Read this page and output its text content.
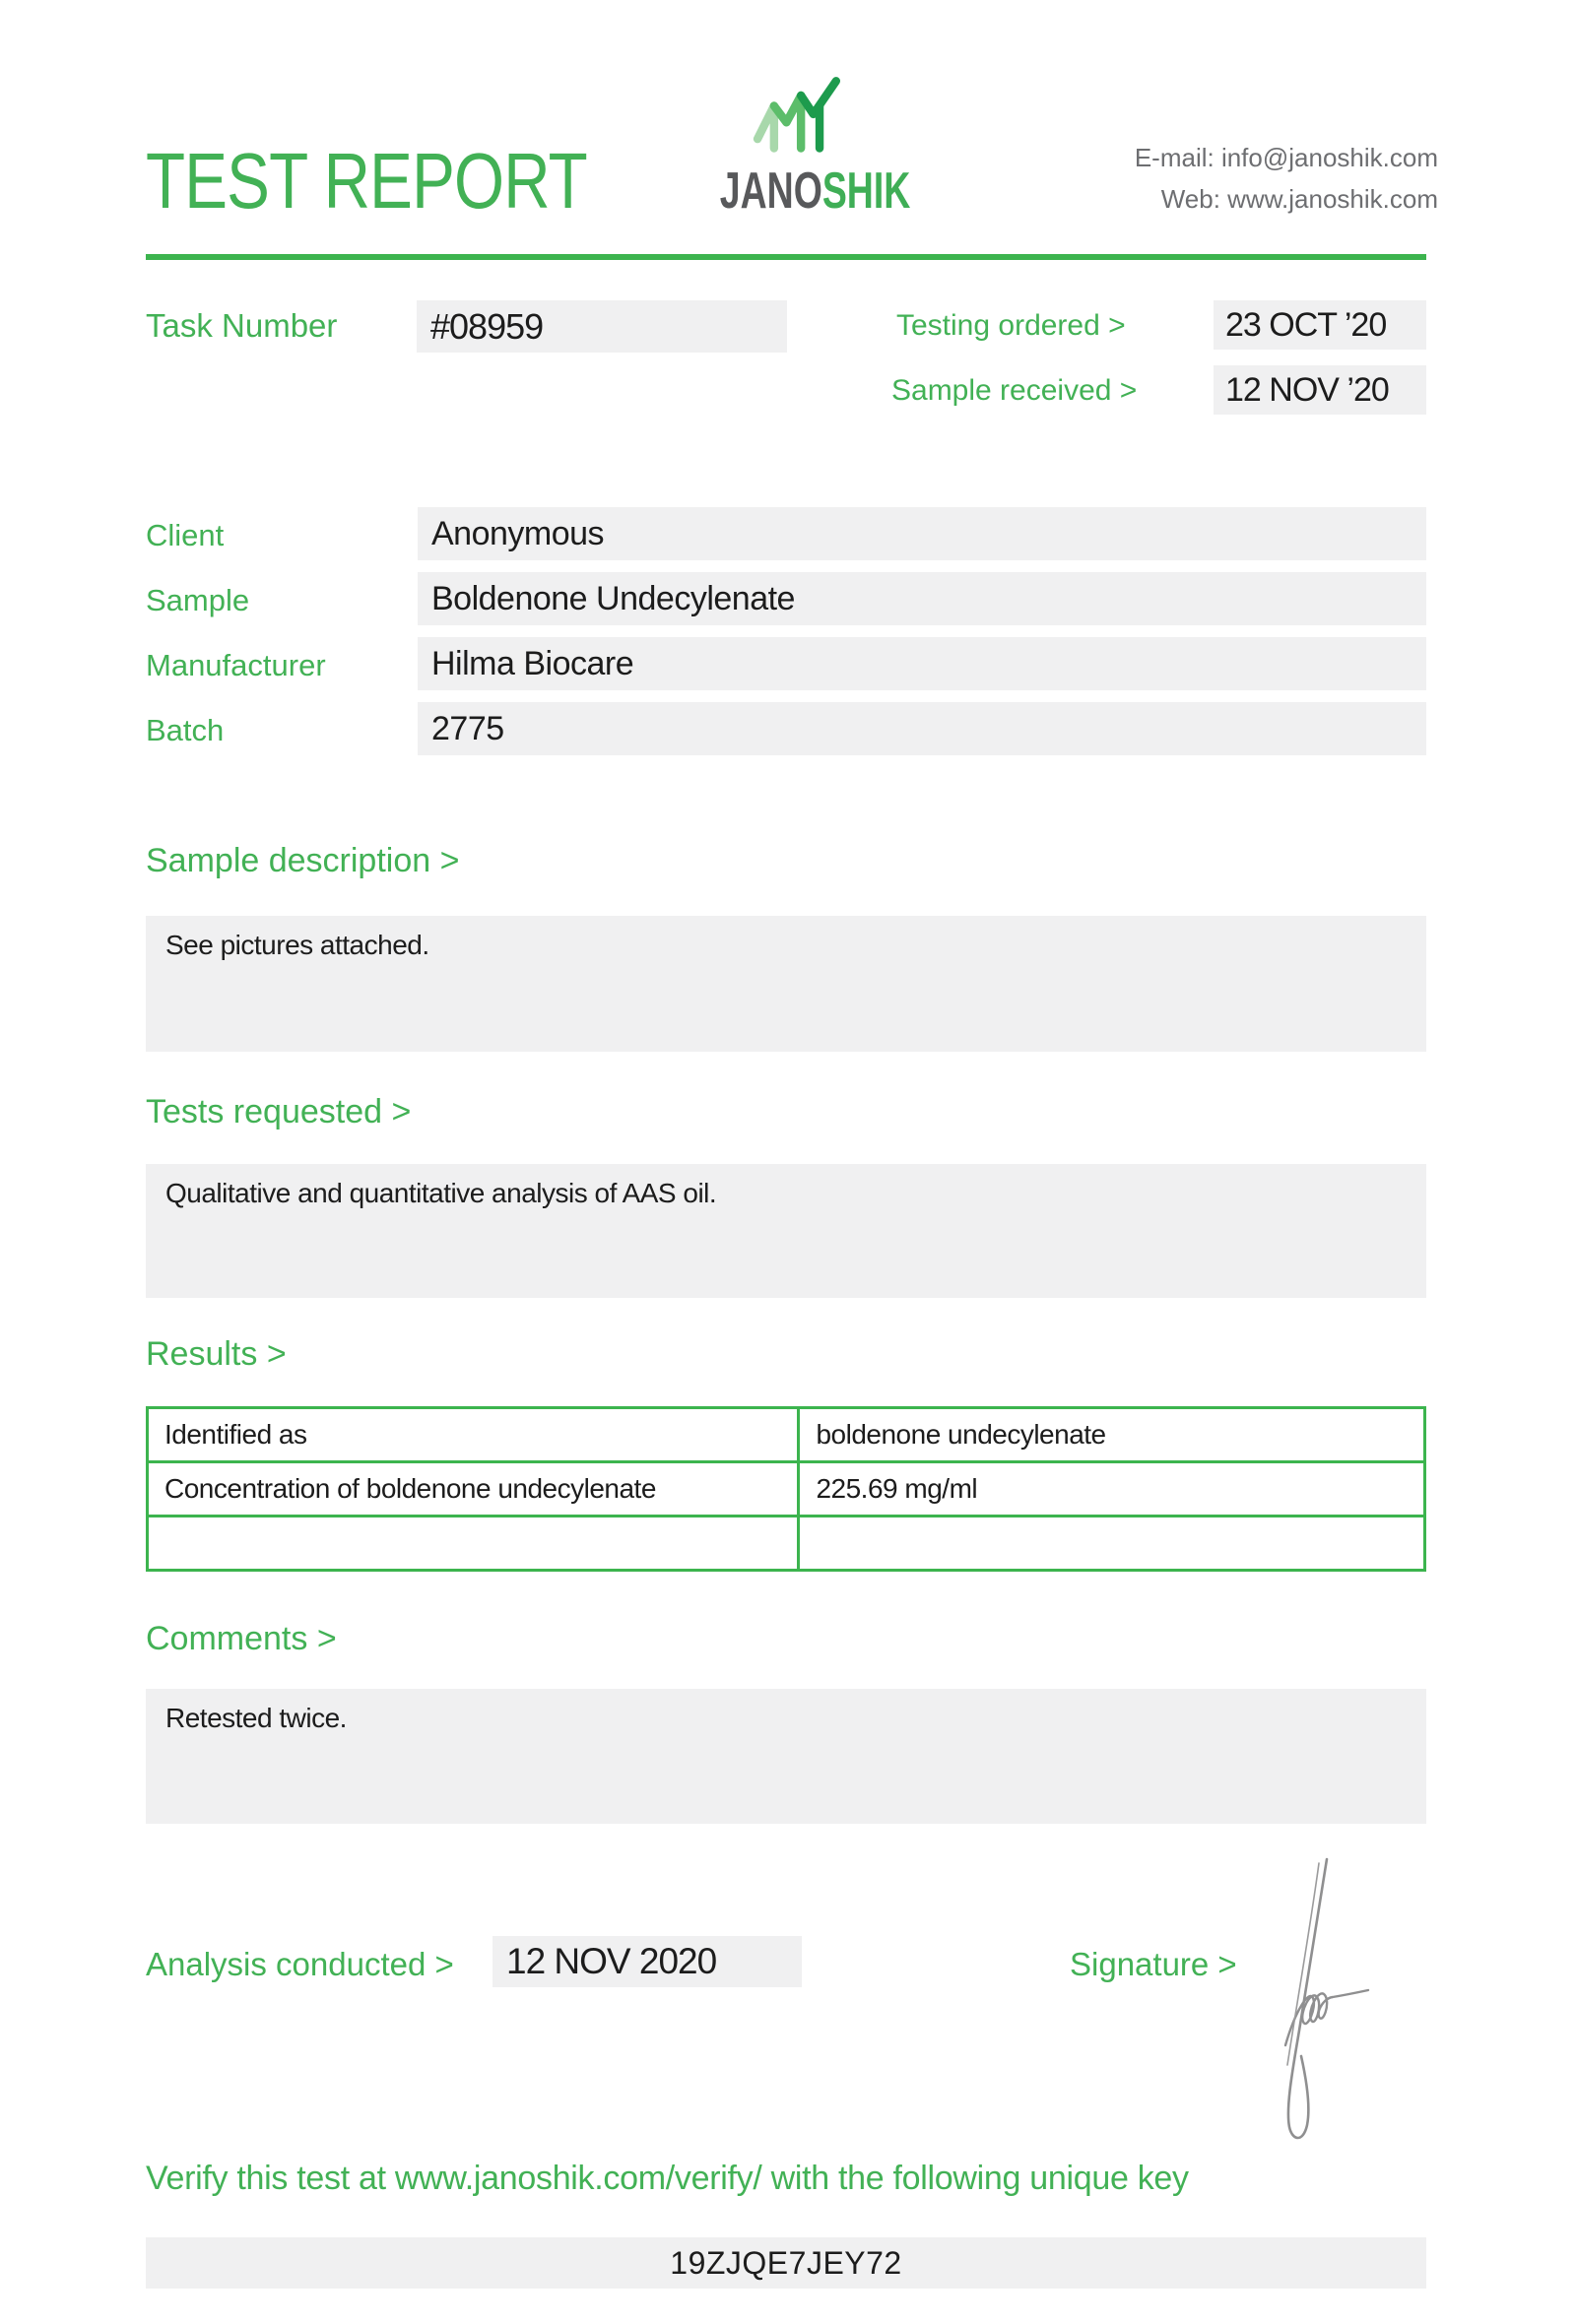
TEST REPORT	JANOSHIK
E-mail: info@janoshik.com
Web: www.janoshik.com
Task Number	#08959	Testing ordered >	23 OCT ’20
Sample received >	12 NOV ’20
Client	Anonymous
Sample	Boldenone Undecylenate
Manufacturer	Hilma Biocare
Batch	2775
Sample description >
See pictures attached.
Tests requested >
Qualitative and quantitative analysis of AAS oil.
Results >
Identified as	boldenone undecylenate
Concentration of boldenone undecylenate	225.69 mg/ml

Comments >
Retested twice.
Analysis conducted >	12 NOV 2020	Signature >
Verify this test at www.janoshik.com/verify/ with the following unique key
19ZJQE7JEY72
